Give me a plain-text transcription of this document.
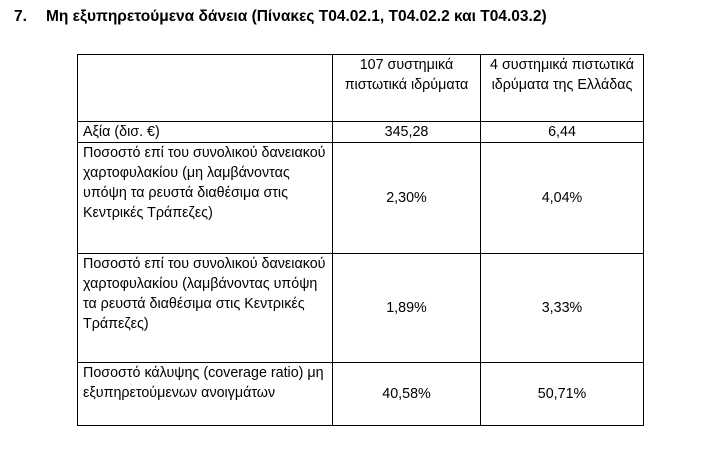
7. Μη εξυπηρετούμενα δάνεια (Πίνακες T04.02.1, T04.02.2 και T04.03.2)
	107 συστημικά πιστωτικά ιδρύματα	4 συστημικά πιστωτικά ιδρύματα της Ελλάδας
Αξία (δισ. €)	345,28	6,44
Ποσοστό επί του συνολικού δανειακού χαρτοφυλακίου (μη λαμβάνοντας υπόψη τα ρευστά διαθέσιμα στις Κεντρικές Τράπεζες)	2,30%	4,04%
Ποσοστό επί του συνολικού δανειακού χαρτοφυλακίου (λαμβάνοντας υπόψη τα ρευστά διαθέσιμα στις Κεντρικές Τράπεζες)	1,89%	3,33%
Ποσοστό κάλυψης (coverage ratio) μη εξυπηρετούμενων ανοιγμάτων	40,58%	50,71%
